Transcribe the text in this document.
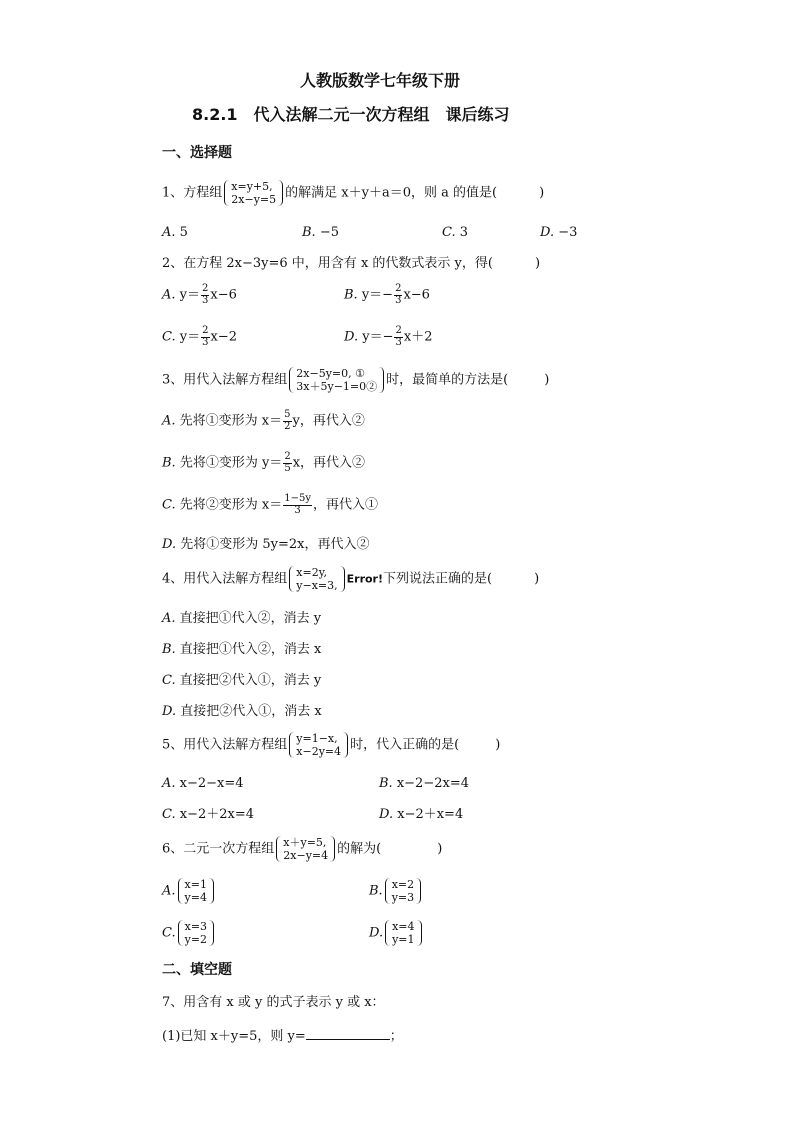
人教版数学七年级下册
8.2.1　代入法解二元一次方程组　课后练习
一、选择题
1、方程组 x=y+5,
2x−y=5 的解满足 x＋y＋a＝0，则 a 的值是(	)
A. 5	B. −5	C. 3	D. −3
2、在方程 2x−3y=6 中，用含有 x 的代数式表示 y，得(	)
A. $y= \frac{2}{3} x-6$	B. $y=- \frac{2}{3} x-6$
C. $y= \frac{2}{3} x-2$	D. $y=- \frac{2}{3} x+2$
3、用代入法解方程组 2x−5y=0, ①
3x＋5y−1=0② 时，最简单的方法是(	)
A. 先将①变形为 $x= \frac{5}{2}$ y，再代入②
B. 先将①变形为 $y= \frac{2}{5}$ x，再代入②
C. 先将②变形为 $x= \frac{1-5y}{3}$ ，再代入①
D. 先将①变形为 5y=2x，再代入②
4、用代入法解方程组 x=2y,
y−x=3, Error!下列说法正确的是(	)
A. 直接把①代入②，消去 y
B. 直接把①代入②，消去 x
C. 直接把②代入①，消去 y
D. 直接把②代入①，消去 x
5、用代入法解方程组 y=1−x,
x−2y=4 时，代入正确的是(	)
A. x−2−x=4	B. x−2−2x=4
C. x−2＋2x=4	D. x−2＋x=4
6、二元一次方程组 x＋y=5,
2x−y=4 的解为(	)
A. x=1
y=4	B. x=2
y=3
C. x=3
y=2	D. x=4
y=1
二、填空题
7、用含有 x 或 y 的式子表示 y 或 x：
(1)已知 x＋y=5，则 y=	；
